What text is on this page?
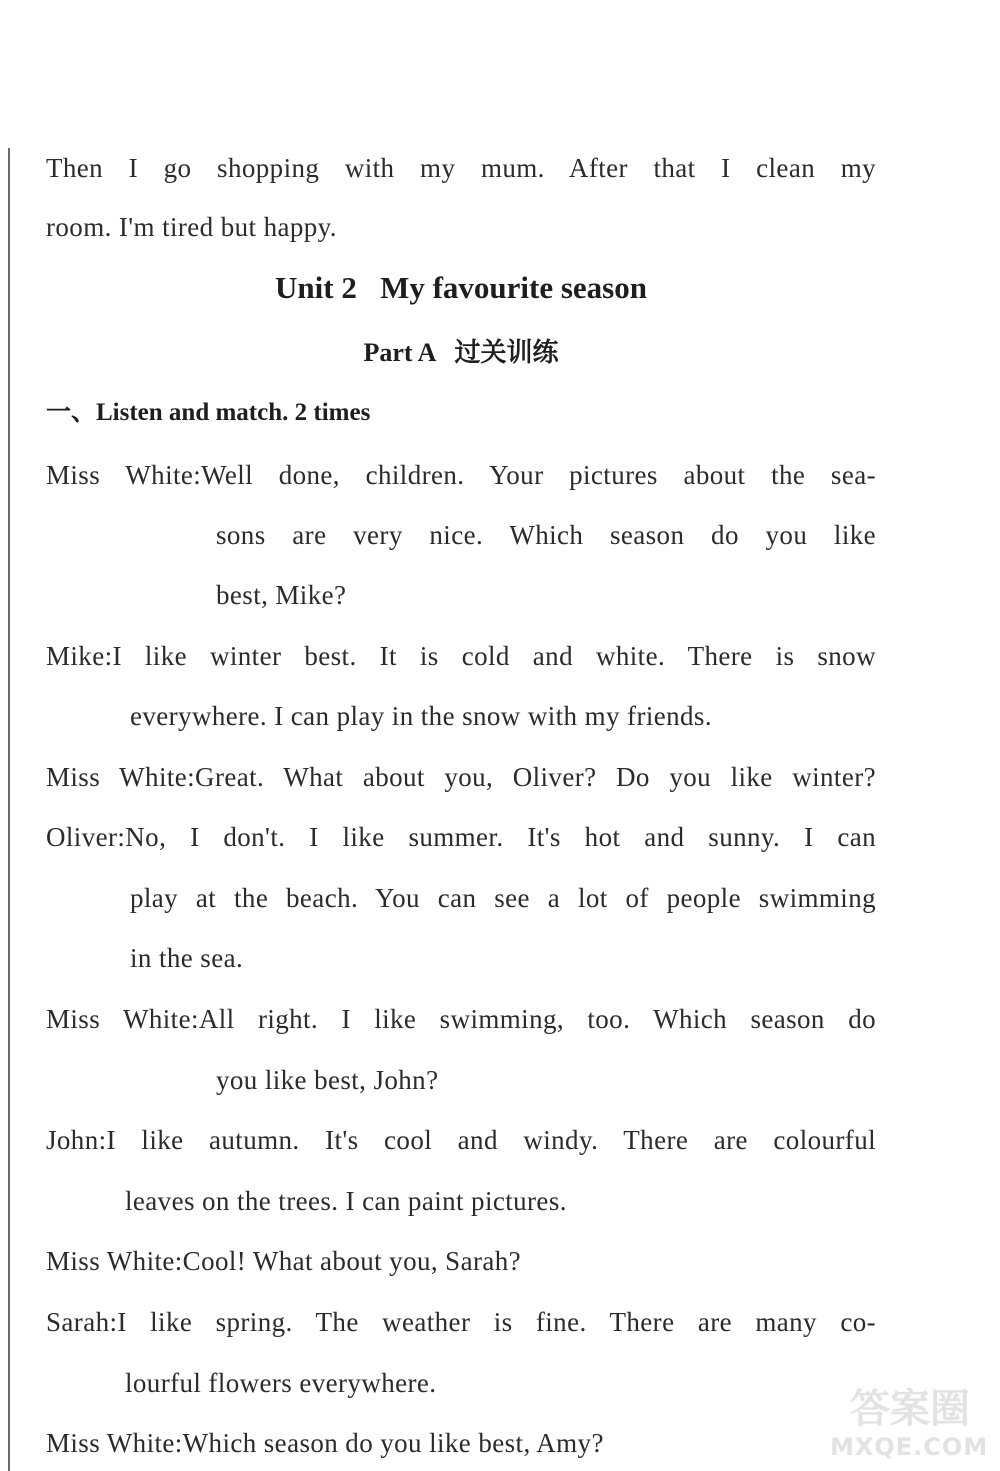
Then I go shopping with my mum. After that I clean my
room. I'm tired but happy.
Unit 2   My favourite season
Part A   过关训练
一、Listen and match. 2 times
Miss White:Well done, children. Your pictures about the sea-
sons are very nice. Which season do you like
best, Mike?
Mike:I like winter best. It is cold and white. There is snow
everywhere. I can play in the snow with my friends.
Miss White:Great. What about you, Oliver? Do you like winter?
Oliver:No, I don't. I like summer. It's hot and sunny. I can
play at the beach. You can see a lot of people swimming
in the sea.
Miss White:All right. I like swimming, too. Which season do
you like best, John?
John:I like autumn. It's cool and windy. There are colourful
leaves on the trees. I can paint pictures.
Miss White:Cool! What about you, Sarah?
Sarah:I like spring. The weather is fine. There are many co-
lourful flowers everywhere.
Miss White:Which season do you like best, Amy?
答案圈
MXQE.COM
